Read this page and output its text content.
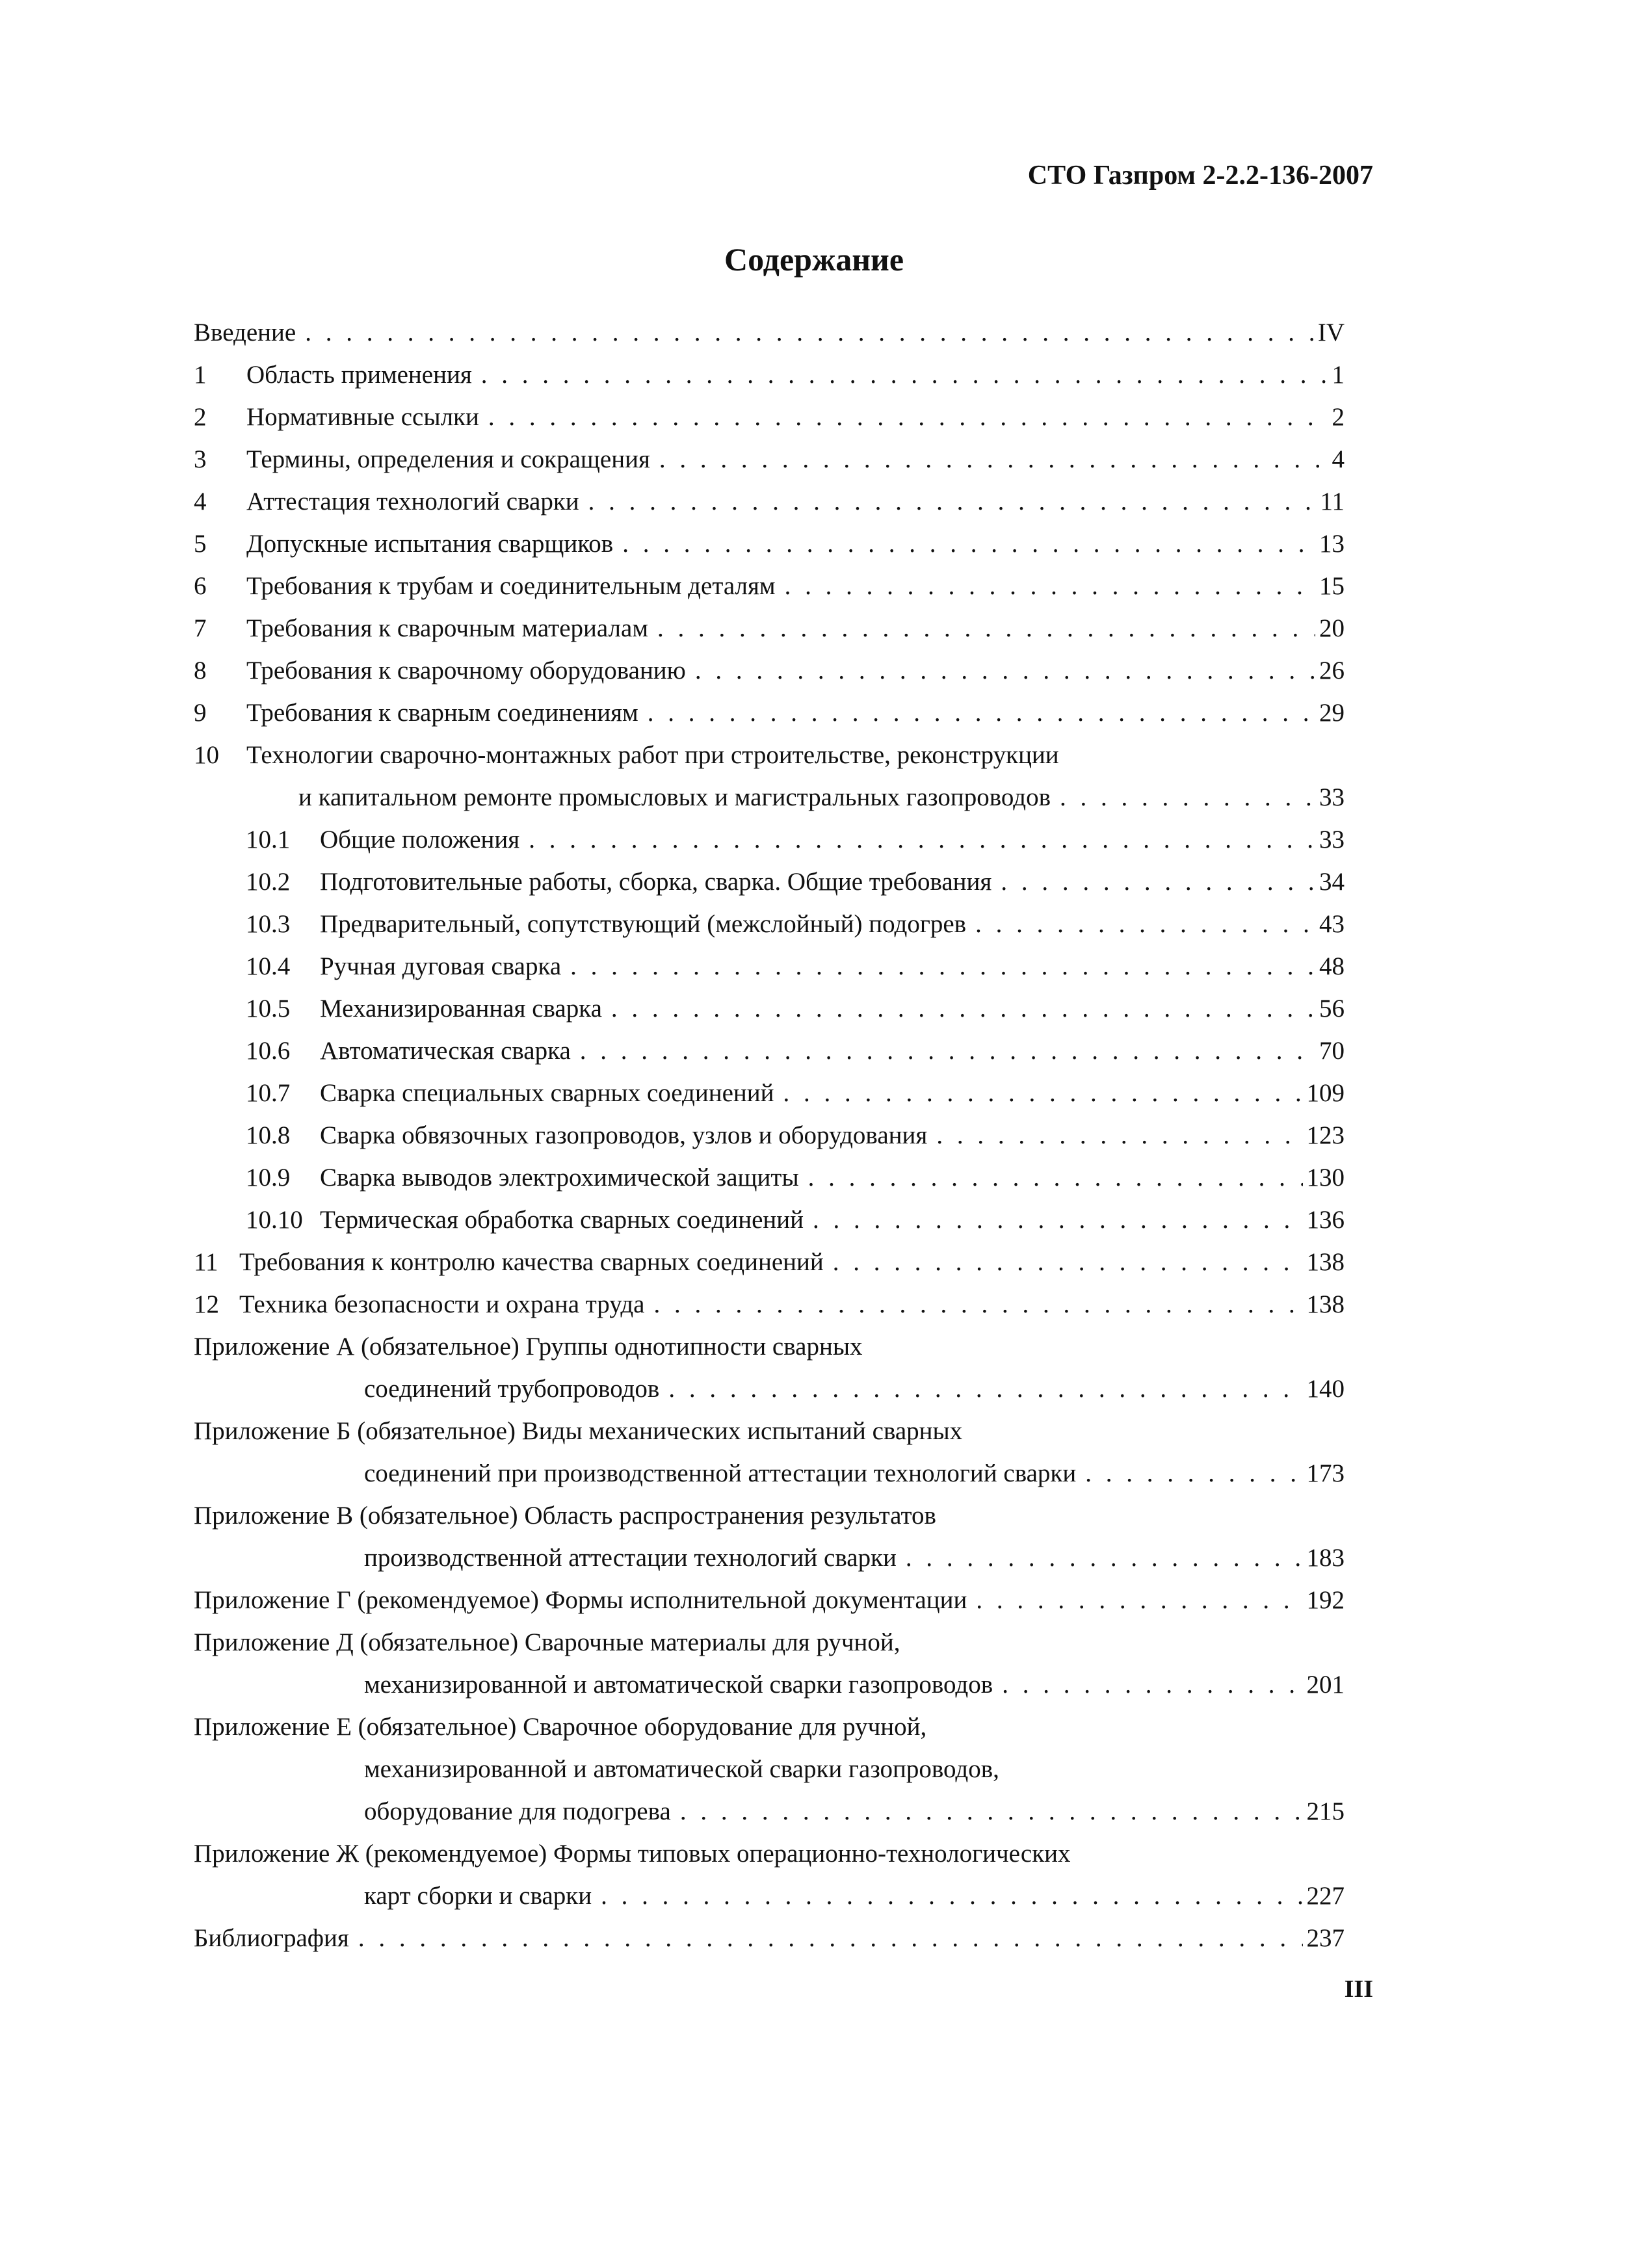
СТО Газпром 2-2.2-136-2007
Содержание
Введение . . .	IV
1	Область применения . . .	1
2	Нормативные ссылки . . .	2
3	Термины, определения и сокращения . . .	4
4	Аттестация технологий сварки . . .	11
5	Допускные испытания сварщиков . . .	13
6	Требования к трубам и соединительным деталям . . .	15
7	Требования к сварочным материалам . . .	20
8	Требования к сварочному оборудованию . . .	26
9	Требования к сварным соединениям . . .	29
10	Технологии сварочно-монтажных работ при строительстве, реконструкции
и капитальном ремонте промысловых и магистральных газопроводов . . .	33
10.1	Общие положения . . .	33
10.2	Подготовительные работы, сборка, сварка. Общие требования . . .	34
10.3	Предварительный, сопутствующий (межслойный) подогрев . . .	43
10.4	Ручная дуговая сварка . . .	48
10.5	Механизированная сварка . . .	56
10.6	Автоматическая сварка . . .	70
10.7	Сварка специальных сварных соединений . . .	109
10.8	Сварка обвязочных газопроводов, узлов и оборудования . . .	123
10.9	Сварка выводов электрохимической защиты . . .	130
10.10 Термическая обработка сварных соединений . . .	136
11 Требования к контролю качества сварных соединений . . .	138
12 Техника безопасности и охрана труда . . .	138
Приложение А (обязательное) Группы однотипности сварных
соединений трубопроводов . . .	140
Приложение Б (обязательное) Виды механических испытаний сварных
соединений при производственной аттестации технологий сварки . . .	173
Приложение В (обязательное) Область распространения результатов
производственной аттестации технологий сварки . . .	183
Приложение Г (рекомендуемое) Формы исполнительной документации . . .	192
Приложение Д (обязательное) Сварочные материалы для ручной,
механизированной и автоматической сварки газопроводов . . .	201
Приложение Е (обязательное) Сварочное оборудование для ручной,
механизированной и автоматической сварки газопроводов,
оборудование для подогрева . . .	215
Приложение Ж (рекомендуемое) Формы типовых операционно-технологических
карт сборки и сварки . . .	227
Библиография . . .	237
III
